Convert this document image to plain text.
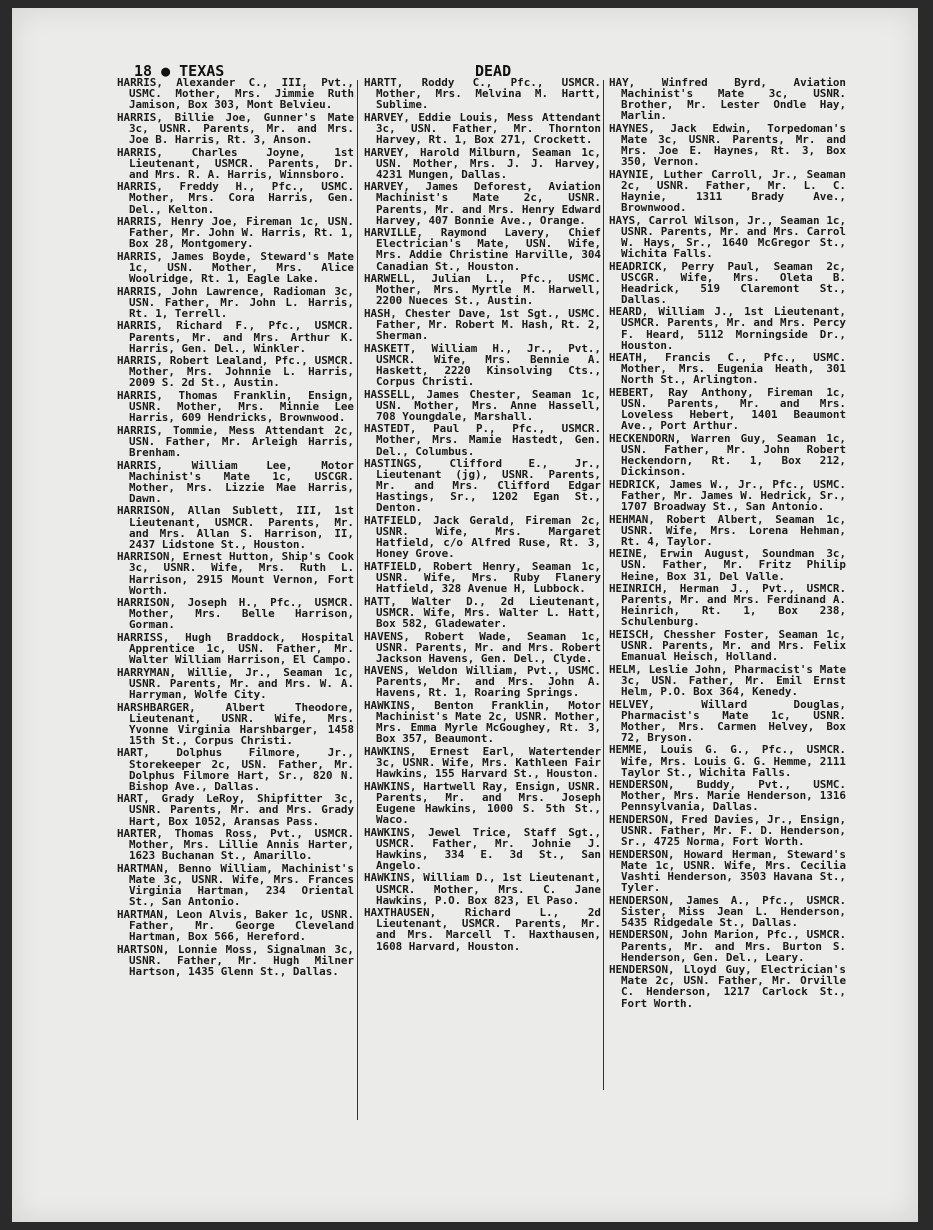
18 ● TEXAS	DEAD
HARRIS, Alexander C., III, Pvt., USMC. Mother, Mrs. Jimmie Ruth Jamison, Box 303, Mont Belvieu.
HARRIS, Billie Joe, Gunner's Mate 3c, USNR. Parents, Mr. and Mrs. Joe B. Harris, Rt. 3, Anson.
HARRIS, Charles Joyne, 1st Lieutenant, USMCR. Parents, Dr. and Mrs. R. A. Harris, Winnsboro.
HARRIS, Freddy H., Pfc., USMC. Mother, Mrs. Cora Harris, Gen. Del., Kelton.
HARRIS, Henry Joe, Fireman 1c, USN. Father, Mr. John W. Harris, Rt. 1, Box 28, Montgomery.
HARRIS, James Boyde, Steward's Mate 1c, USN. Mother, Mrs. Alice Woolridge, Rt. 1, Eagle Lake.
HARRIS, John Lawrence, Radioman 3c, USN. Father, Mr. John L. Harris, Rt. 1, Terrell.
HARRIS, Richard F., Pfc., USMCR. Parents, Mr. and Mrs. Arthur K. Harris, Gen. Del., Winkler.
HARRIS, Robert Lealand, Pfc., USMCR. Mother, Mrs. Johnnie L. Harris, 2009 S. 2d St., Austin.
HARRIS, Thomas Franklin, Ensign, USNR. Mother, Mrs. Minnie Lee Harris, 609 Hendricks, Brownwood.
HARRIS, Tommie, Mess Attendant 2c, USN. Father, Mr. Arleigh Harris, Brenham.
HARRIS, William Lee, Motor Machinist's Mate 1c, USCGR. Mother, Mrs. Lizzie Mae Harris, Dawn.
HARRISON, Allan Sublett, III, 1st Lieutenant, USMCR. Parents, Mr. and Mrs. Allan S. Harrison, II, 2437 Lidstone St., Houston.
HARRISON, Ernest Hutton, Ship's Cook 3c, USNR. Wife, Mrs. Ruth L. Harrison, 2915 Mount Vernon, Fort Worth.
HARRISON, Joseph H., Pfc., USMCR. Mother, Mrs. Belle Harrison, Gorman.
HARRISS, Hugh Braddock, Hospital Apprentice 1c, USN. Father, Mr. Walter William Harrison, El Campo.
HARRYMAN, Willie, Jr., Seaman 1c, USNR. Parents, Mr. and Mrs. W. A. Harryman, Wolfe City.
HARSHBARGER, Albert Theodore, Lieutenant, USNR. Wife, Mrs. Yvonne Virginia Harshbarger, 1458 15th St., Corpus Christi.
HART, Dolphus Filmore, Jr., Storekeeper 2c, USN. Father, Mr. Dolphus Filmore Hart, Sr., 820 N. Bishop Ave., Dallas.
HART, Grady LeRoy, Shipfitter 3c, USNR. Parents, Mr. and Mrs. Grady Hart, Box 1052, Aransas Pass.
HARTER, Thomas Ross, Pvt., USMCR. Mother, Mrs. Lillie Annis Harter, 1623 Buchanan St., Amarillo.
HARTMAN, Benno William, Machinist's Mate 3c, USNR. Wife, Mrs. Frances Virginia Hartman, 234 Oriental St., San Antonio.
HARTMAN, Leon Alvis, Baker 1c, USNR. Father, Mr. George Cleveland Hartman, Box 566, Hereford.
HARTSON, Lonnie Moss, Signalman 3c, USNR. Father, Mr. Hugh Milner Hartson, 1435 Glenn St., Dallas.
HARTT, Roddy C., Pfc., USMCR. Mother, Mrs. Melvina M. Hartt, Sublime.
HARVEY, Eddie Louis, Mess Attendant 3c, USN. Father, Mr. Thornton Harvey, Rt. 1, Box 271, Crockett.
HARVEY, Harold Milburn, Seaman 1c, USN. Mother, Mrs. J. J. Harvey, 4231 Mungen, Dallas.
HARVEY, James Deforest, Aviation Machinist's Mate 2c, USNR. Parents, Mr. and Mrs. Henry Edward Harvey, 407 Bonnie Ave., Orange.
HARVILLE, Raymond Lavery, Chief Electrician's Mate, USN. Wife, Mrs. Addie Christine Harville, 304 Canadian St., Houston.
HARWELL, Julian L., Pfc., USMC. Mother, Mrs. Myrtle M. Harwell, 2200 Nueces St., Austin.
HASH, Chester Dave, 1st Sgt., USMC. Father, Mr. Robert M. Hash, Rt. 2, Sherman.
HASKETT, William H., Jr., Pvt., USMCR. Wife, Mrs. Bennie A. Haskett, 2220 Kinsolving Cts., Corpus Christi.
HASSELL, James Chester, Seaman 1c, USN. Mother, Mrs. Anne Hassell, 708 Youngdale, Marshall.
HASTEDT, Paul P., Pfc., USMCR. Mother, Mrs. Mamie Hastedt, Gen. Del., Columbus.
HASTINGS, Clifford E., Jr., Lieutenant (jg), USNR. Parents, Mr. and Mrs. Clifford Edgar Hastings, Sr., 1202 Egan St., Denton.
HATFIELD, Jack Gerald, Fireman 2c, USNR. Wife, Mrs. Margaret Hatfield, c/o Alfred Ruse, Rt. 3, Honey Grove.
HATFIELD, Robert Henry, Seaman 1c, USNR. Wife, Mrs. Ruby Flanery Hatfield, 328 Avenue H, Lubbock.
HATT, Walter D., 2d Lieutenant, USMCR. Wife, Mrs. Walter L. Hatt, Box 582, Gladewater.
HAVENS, Robert Wade, Seaman 1c, USNR. Parents, Mr. and Mrs. Robert Jackson Havens, Gen. Del., Clyde.
HAVENS, Weldon William, Pvt., USMC. Parents, Mr. and Mrs. John A. Havens, Rt. 1, Roaring Springs.
HAWKINS, Benton Franklin, Motor Machinist's Mate 2c, USNR. Mother, Mrs. Emma Myrle McGoughey, Rt. 3, Box 357, Beaumont.
HAWKINS, Ernest Earl, Watertender 3c, USNR. Wife, Mrs. Kathleen Fair Hawkins, 155 Harvard St., Houston.
HAWKINS, Hartwell Ray, Ensign, USNR. Parents, Mr. and Mrs. Joseph Eugene Hawkins, 1000 S. 5th St., Waco.
HAWKINS, Jewel Trice, Staff Sgt., USMCR. Father, Mr. Johnie J. Hawkins, 334 E. 3d St., San Angelo.
HAWKINS, William D., 1st Lieutenant, USMCR. Mother, Mrs. C. Jane Hawkins, P.O. Box 823, El Paso.
HAXTHAUSEN, Richard L., 2d Lieutenant, USMCR. Parents, Mr. and Mrs. Marcell T. Haxthausen, 1608 Harvard, Houston.
HAY, Winfred Byrd, Aviation Machinist's Mate 3c, USNR. Brother, Mr. Lester Ondle Hay, Marlin.
HAYNES, Jack Edwin, Torpedoman's Mate 3c, USNR. Parents, Mr. and Mrs. Joe E. Haynes, Rt. 3, Box 350, Vernon.
HAYNIE, Luther Carroll, Jr., Seaman 2c, USNR. Father, Mr. L. C. Haynie, 1311 Brady Ave., Brownwood.
HAYS, Carrol Wilson, Jr., Seaman 1c, USNR. Parents, Mr. and Mrs. Carrol W. Hays, Sr., 1640 McGregor St., Wichita Falls.
HEADRICK, Perry Paul, Seaman 2c, USCGR. Wife, Mrs. Oleta B. Headrick, 519 Claremont St., Dallas.
HEARD, William J., 1st Lieutenant, USMCR. Parents, Mr. and Mrs. Percy F. Heard, 5112 Morningside Dr., Houston.
HEATH, Francis C., Pfc., USMC. Mother, Mrs. Eugenia Heath, 301 North St., Arlington.
HEBERT, Ray Anthony, Fireman 1c, USN. Parents, Mr. and Mrs. Loveless Hebert, 1401 Beaumont Ave., Port Arthur.
HECKENDORN, Warren Guy, Seaman 1c, USN. Father, Mr. John Robert Heckendorn, Rt. 1, Box 212, Dickinson.
HEDRICK, James W., Jr., Pfc., USMC. Father, Mr. James W. Hedrick, Sr., 1707 Broadway St., San Antonio.
HEHMAN, Robert Albert, Seaman 1c, USNR. Wife, Mrs. Lorena Hehman, Rt. 4, Taylor.
HEINE, Erwin August, Soundman 3c, USN. Father, Mr. Fritz Philip Heine, Box 31, Del Valle.
HEINRICH, Herman J., Pvt., USMCR. Parents, Mr. and Mrs. Ferdinand A. Heinrich, Rt. 1, Box 238, Schulenburg.
HEISCH, Chessher Foster, Seaman 1c, USNR. Parents, Mr. and Mrs. Felix Emanual Heisch, Holland.
HELM, Leslie John, Pharmacist's Mate 3c, USN. Father, Mr. Emil Ernst Helm, P.O. Box 364, Kenedy.
HELVEY, Willard Douglas, Pharmacist's Mate 1c, USNR. Mother, Mrs. Carmen Helvey, Box 72, Bryson.
HEMME, Louis G. G., Pfc., USMCR. Wife, Mrs. Louis G. G. Hemme, 2111 Taylor St., Wichita Falls.
HENDERSON, Buddy, Pvt., USMC. Mother, Mrs. Marie Henderson, 1316 Pennsylvania, Dallas.
HENDERSON, Fred Davies, Jr., Ensign, USNR. Father, Mr. F. D. Henderson, Sr., 4725 Norma, Fort Worth.
HENDERSON, Howard Herman, Steward's Mate 1c, USNR. Wife, Mrs. Cecilia Vashti Henderson, 3503 Havana St., Tyler.
HENDERSON, James A., Pfc., USMCR. Sister, Miss Jean L. Henderson, 5435 Ridgedale St., Dallas.
HENDERSON, John Marion, Pfc., USMCR. Parents, Mr. and Mrs. Burton S. Henderson, Gen. Del., Leary.
HENDERSON, Lloyd Guy, Electrician's Mate 2c, USN. Father, Mr. Orville C. Henderson, 1217 Carlock St., Fort Worth.
